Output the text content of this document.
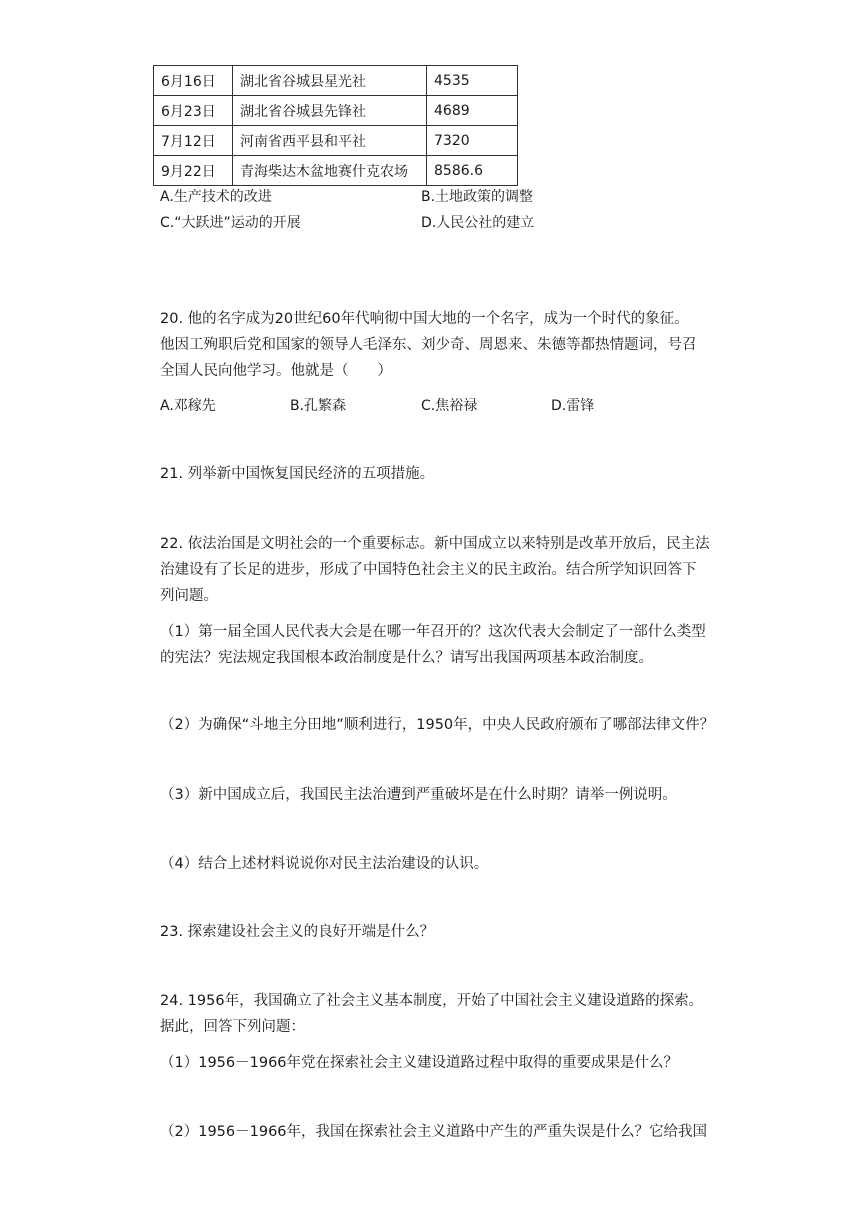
6月16日	湖北省谷城县星光社	4535
6月23日	湖北省谷城县先锋社	4689
7月12日	河南省西平县和平社	7320
9月22日	青海柴达木盆地赛什克农场	8586.6
A.生产技术的改进	B.土地政策的调整
C.“大跃进”运动的开展	D.人民公社的建立
20. 他的名字成为20世纪60年代响彻中国大地的一个名字，成为一个时代的象征。
他因工殉职后党和国家的领导人毛泽东、刘少奇、周恩来、朱德等都热情题词，号召
全国人民向他学习。他就是（　　）
A.邓稼先	B.孔繁森	C.焦裕禄	D.雷锋
21. 列举新中国恢复国民经济的五项措施。
22. 依法治国是文明社会的一个重要标志。新中国成立以来特别是改革开放后，民主法
治建设有了长足的进步，形成了中国特色社会主义的民主政治。结合所学知识回答下
列问题。
（1）第一届全国人民代表大会是在哪一年召开的？这次代表大会制定了一部什么类型
的宪法？宪法规定我国根本政治制度是什么？请写出我国两项基本政治制度。
（2）为确保“斗地主分田地”顺利进行，1950年，中央人民政府颁布了哪部法律文件？
（3）新中国成立后，我国民主法治遭到严重破坏是在什么时期？请举一例说明。
（4）结合上述材料说说你对民主法治建设的认识。
23. 探索建设社会主义的良好开端是什么？
24. 1956年，我国确立了社会主义基本制度，开始了中国社会主义建设道路的探索。
据此，回答下列问题：
（1）1956－1966年党在探索社会主义建设道路过程中取得的重要成果是什么？
（2）1956－1966年，我国在探索社会主义道路中产生的严重失误是什么？它给我国
